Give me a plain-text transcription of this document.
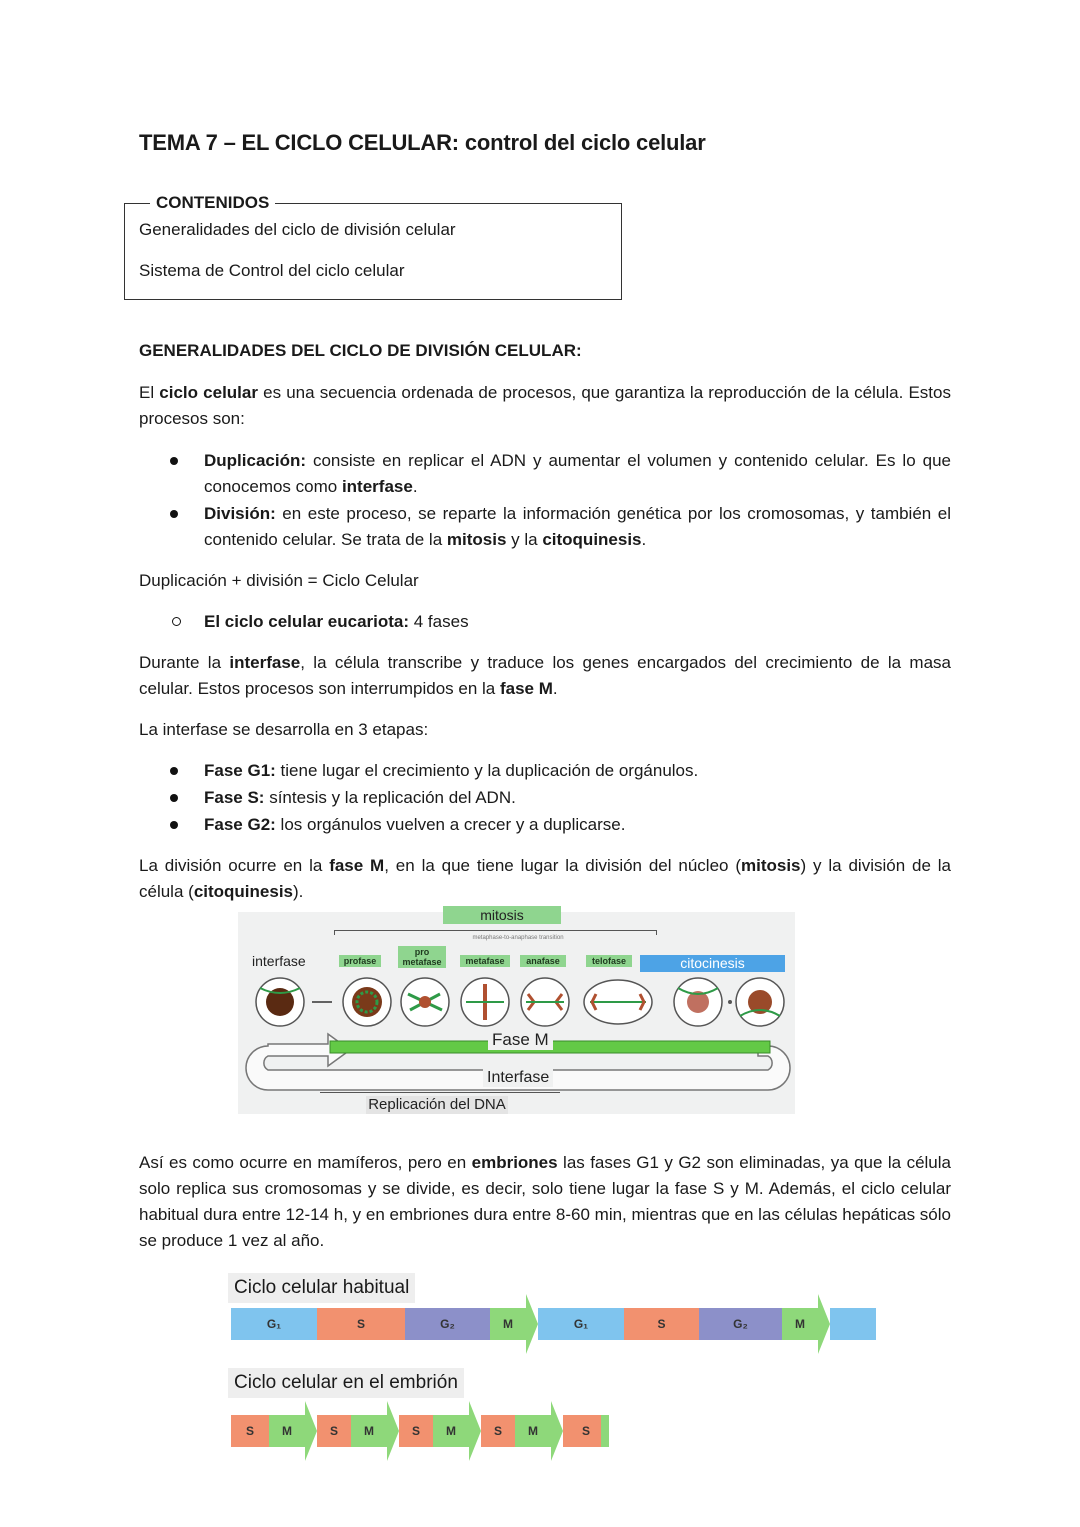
TEMA 7 – EL CICLO CELULAR: control del ciclo celular
CONTENIDOS
Generalidades del ciclo de división celular
Sistema de Control del ciclo celular
GENERALIDADES DEL CICLO DE DIVISIÓN CELULAR:
El ciclo celular es una secuencia ordenada de procesos, que garantiza la reproducción de la célula. Estos procesos son:
Duplicación: consiste en replicar el ADN y aumentar el volumen y contenido celular. Es lo que conocemos como interfase.
División: en este proceso, se reparte la información genética por los cromosomas, y también el contenido celular. Se trata de la mitosis y la citoquinesis.
Duplicación + división = Ciclo Celular
El ciclo celular eucariota: 4 fases
Durante la interfase, la célula transcribe y traduce los genes encargados del crecimiento de la masa celular. Estos procesos son interrumpidos en la fase M.
La interfase se desarrolla en 3 etapas:
Fase G1: tiene lugar el crecimiento y la duplicación de orgánulos.
Fase S: síntesis y la replicación del ADN.
Fase G2: los orgánulos vuelven a crecer y a duplicarse.
La división ocurre en la fase M, en la que tiene lugar la división del núcleo (mitosis) y la división de la célula (citoquinesis).
mitosis
metaphase-to-anaphase transition
interfase	profase
pro metafase	metafase	anafase	telofase	citocinesis
Fase M
Interfase
Replicación del DNA
Así es como ocurre en mamíferos, pero en embriones las fases G1 y G2 son eliminadas, ya que la célula solo replica sus cromosomas y se divide, es decir, solo tiene lugar la fase S y M. Además, el ciclo celular habitual dura entre 12-14 h, y en embriones dura entre 8-60 min, mientras que en las células hepáticas sólo se produce 1 vez al año.
Ciclo celular habitual
G₁	S	G₂	M	G₁	S	G₂	M
Ciclo celular en el embrión
S	M	S	M	S	M	S	M	S
